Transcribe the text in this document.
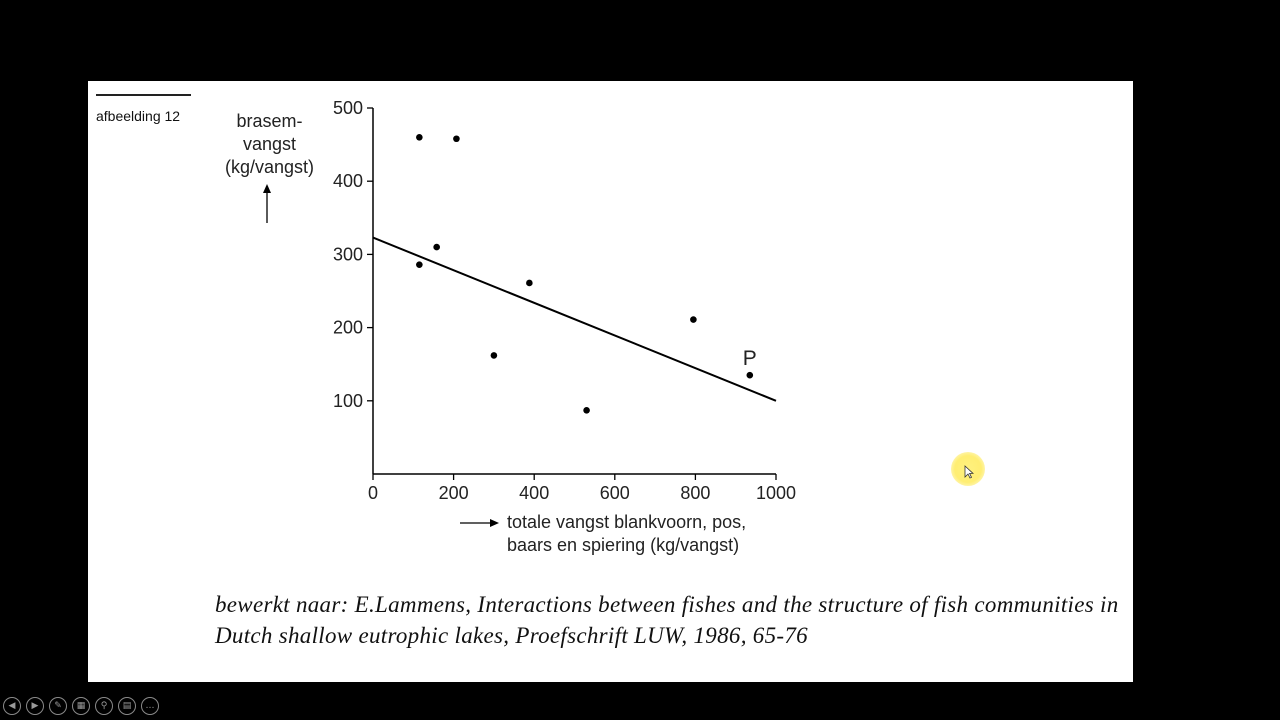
afbeelding 12
0	200	400	600	800	1000
100
200
300
400
500
P
brasem-
vangst
(kg/vangst)
totale vangst blankvoorn, pos,
baars en spiering (kg/vangst)
bewerkt naar: E.Lammens, Interactions between fishes and the structure of fish communities in Dutch shallow eutrophic lakes, Proefschrift LUW, 1986, 65-76
◀	▶	✎	▦	⚲	▤	…
